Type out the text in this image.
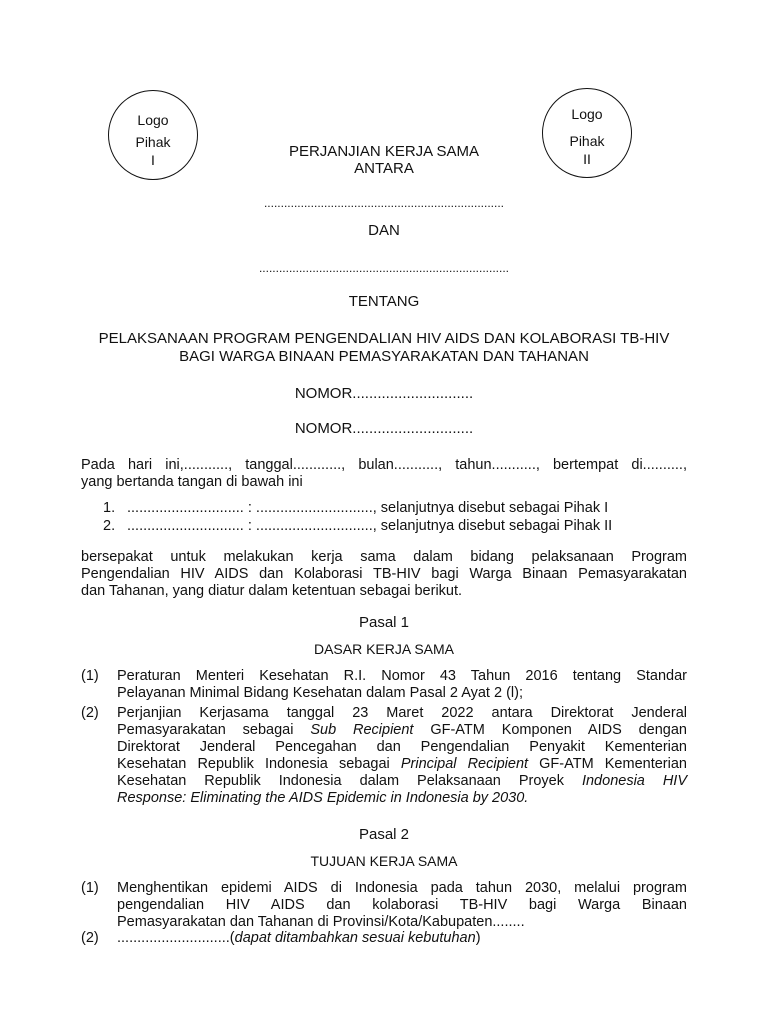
Logo
Pihak
I
Logo
Pihak
II
PERJANJIAN KERJA SAMA
ANTARA
........................................................................
DAN
...........................................................................
TENTANG
PELAKSANAAN PROGRAM PENGENDALIAN HIV AIDS DAN KOLABORASI TB-HIV
BAGI WARGA BINAAN PEMASYARAKATAN DAN TAHANAN
NOMOR.............................
NOMOR.............................
Pada hari ini,..........., tanggal............, bulan..........., tahun..........., bertempat di..........,
yang bertanda tangan di bawah ini
1. ............................. : ............................., selanjutnya disebut sebagai Pihak I
2. ............................. : ............................., selanjutnya disebut sebagai Pihak II
bersepakat untuk melakukan kerja sama dalam bidang pelaksanaan Program
Pengendalian HIV AIDS dan Kolaborasi TB-HIV bagi Warga Binaan Pemasyarakatan
dan Tahanan, yang diatur dalam ketentuan sebagai berikut.
Pasal 1
DASAR KERJA SAMA
(1) Peraturan Menteri Kesehatan R.I. Nomor 43 Tahun 2016 tentang Standar
Pelayanan Minimal Bidang Kesehatan dalam Pasal 2 Ayat 2 (l);
(2) Perjanjian Kerjasama tanggal 23 Maret 2022 antara Direktorat Jenderal
Pemasyarakatan sebagai Sub Recipient GF-ATM Komponen AIDS dengan
Direktorat Jenderal Pencegahan dan Pengendalian Penyakit Kementerian
Kesehatan Republik Indonesia sebagai Principal Recipient GF-ATM Kementerian
Kesehatan Republik Indonesia dalam Pelaksanaan Proyek Indonesia HIV
Response: Eliminating the AIDS Epidemic in Indonesia by 2030.
Pasal 2
TUJUAN KERJA SAMA
(1) Menghentikan epidemi AIDS di Indonesia pada tahun 2030, melalui program
pengendalian HIV AIDS dan kolaborasi TB-HIV bagi Warga Binaan
Pemasyarakatan dan Tahanan di Provinsi/Kota/Kabupaten........
(2) ............................(dapat ditambahkan sesuai kebutuhan)
